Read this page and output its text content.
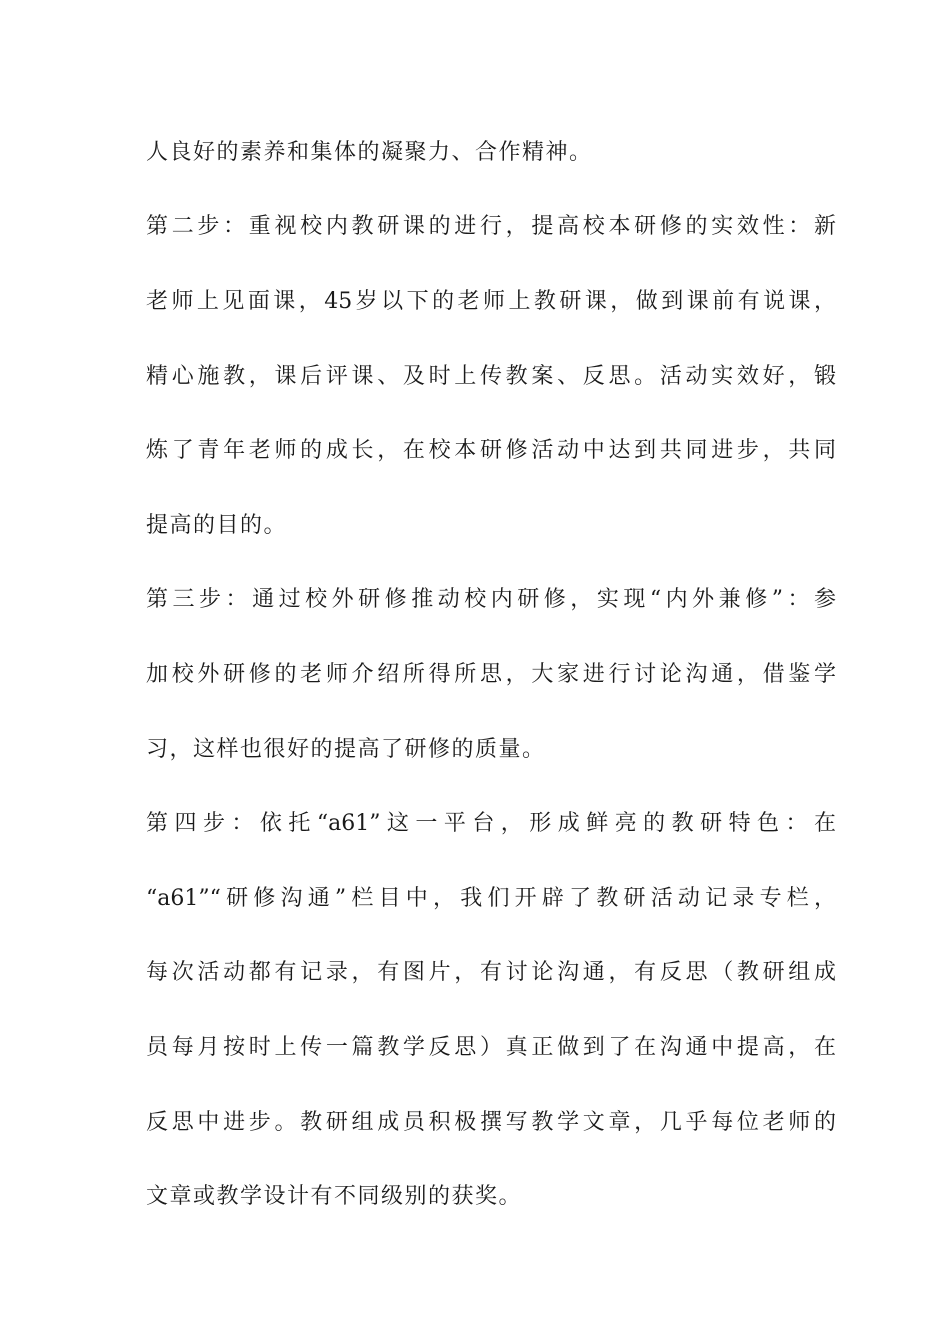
人良好的素养和集体的凝聚力、合作精神。
第二步：重视校内教研课的进行，提高校本研修的实效性：新
老师上见面课，45岁以下的老师上教研课，做到课前有说课，
精心施教，课后评课、及时上传教案、反思。活动实效好，锻
炼了青年老师的成长，在校本研修活动中达到共同进步，共同
提高的目的。
第三步：通过校外研修推动校内研修，实现“内外兼修”：参
加校外研修的老师介绍所得所思，大家进行讨论沟通，借鉴学
习，这样也很好的提高了研修的质量。
第四步：依托“a61”这一平台，形成鲜亮的教研特色：在
“a61”“研修沟通”栏目中，我们开辟了教研活动记录专栏，
每次活动都有记录，有图片，有讨论沟通，有反思（教研组成
员每月按时上传一篇教学反思）真正做到了在沟通中提高，在
反思中进步。教研组成员积极撰写教学文章，几乎每位老师的
文章或教学设计有不同级别的获奖。
